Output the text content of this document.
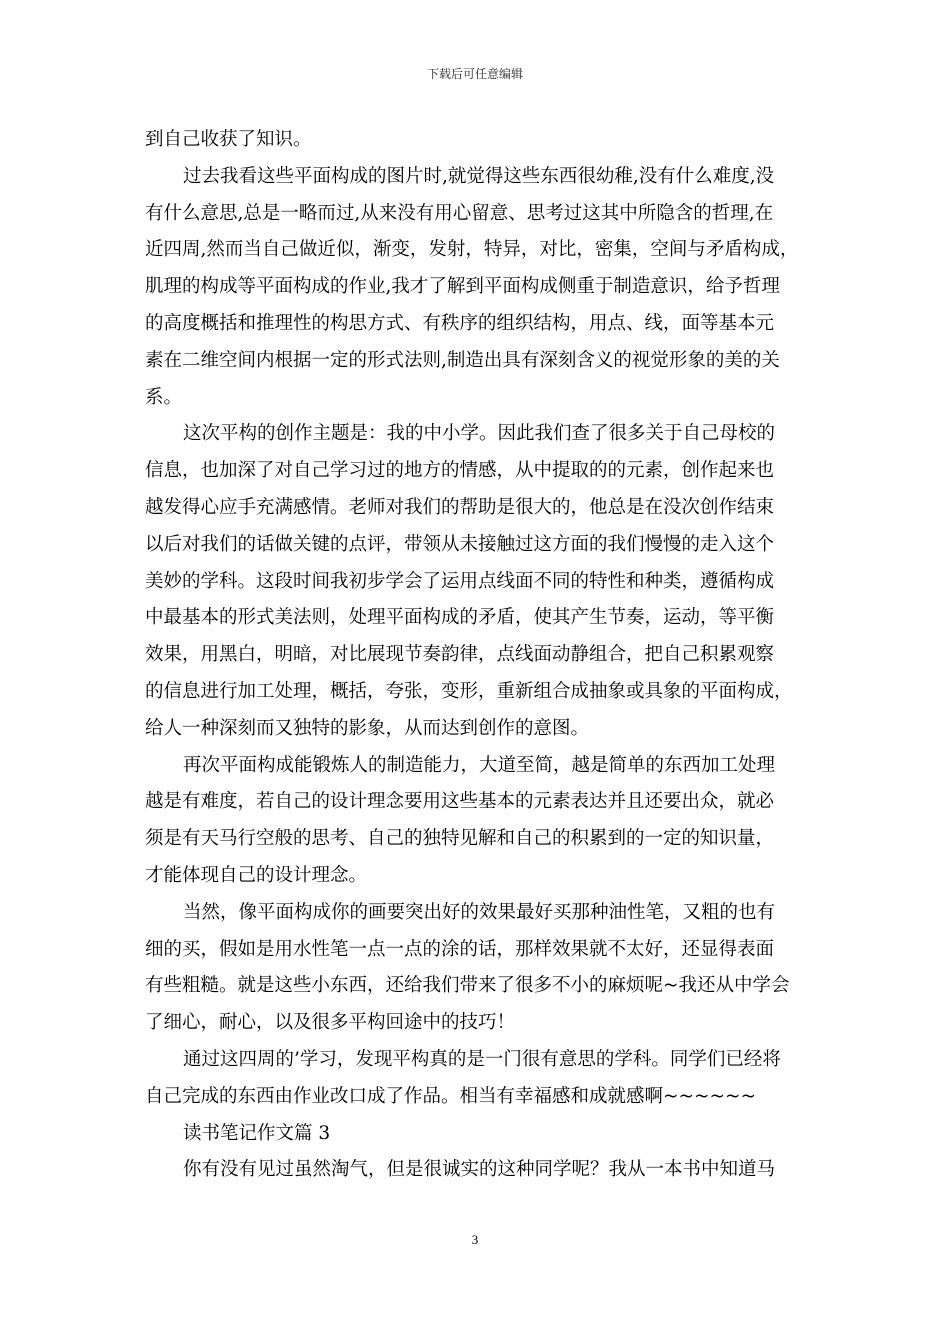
下载后可任意编辑
到自己收获了知识。
过去我看这些平面构成的图片时,就觉得这些东西很幼稚,没有什么难度,没
有什么意思,总是一略而过,从来没有用心留意、思考过这其中所隐含的哲理,在
近四周,然而当自己做近似，渐变，发射，特异，对比，密集，空间与矛盾构成，
肌理的构成等平面构成的作业,我才了解到平面构成侧重于制造意识，给予哲理
的高度概括和推理性的构思方式、有秩序的组织结构，用点、线，面等基本元
素在二维空间内根据一定的形式法则,制造出具有深刻含义的视觉形象的美的关
系。
这次平构的创作主题是：我的中小学。因此我们查了很多关于自己母校的
信息，也加深了对自己学习过的地方的情感，从中提取的的元素，创作起来也
越发得心应手充满感情。老师对我们的帮助是很大的，他总是在没次创作结束
以后对我们的话做关键的点评，带领从未接触过这方面的我们慢慢的走入这个
美妙的学科。这段时间我初步学会了运用点线面不同的特性和种类，遵循构成
中最基本的形式美法则，处理平面构成的矛盾，使其产生节奏，运动，等平衡
效果，用黑白，明暗，对比展现节奏韵律，点线面动静组合，把自己积累观察
的信息进行加工处理，概括，夸张，变形，重新组合成抽象或具象的平面构成，
给人一种深刻而又独特的影象，从而达到创作的意图。
再次平面构成能锻炼人的制造能力，大道至简，越是简单的东西加工处理
越是有难度，若自己的设计理念要用这些基本的元素表达并且还要出众，就必
须是有天马行空般的思考、自己的独特见解和自己的积累到的一定的知识量，
才能体现自己的设计理念。
当然，像平面构成你的画要突出好的效果最好买那种油性笔，又粗的也有
细的买，假如是用水性笔一点一点的涂的话，那样效果就不太好，还显得表面
有些粗糙。就是这些小东西，还给我们带来了很多不小的麻烦呢~我还从中学会
了细心，耐心，以及很多平构回途中的技巧！
通过这四周的’学习，发现平构真的是一门很有意思的学科。同学们已经将
自己完成的东西由作业改口成了作品。相当有幸福感和成就感啊~~~~~~
读书笔记作文篇 3
你有没有见过虽然淘气，但是很诚实的这种同学呢？我从一本书中知道马
3
